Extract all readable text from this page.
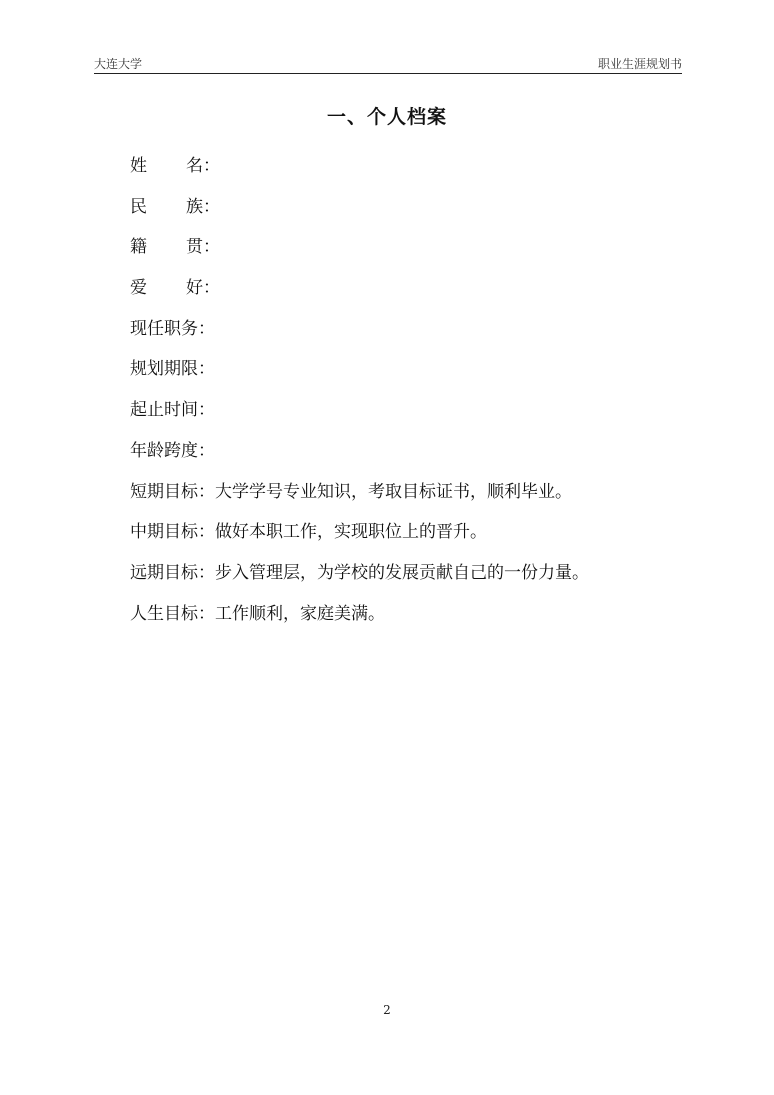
大连大学	职业生涯规划书
一、个人档案
姓 名：
民 族：
籍 贯：
爱 好：
现任职务：
规划期限：
起止时间：
年龄跨度：
短期目标：大学学号专业知识，考取目标证书，顺利毕业。
中期目标：做好本职工作，实现职位上的晋升。
远期目标：步入管理层，为学校的发展贡献自己的一份力量。
人生目标：工作顺利，家庭美满。
2
